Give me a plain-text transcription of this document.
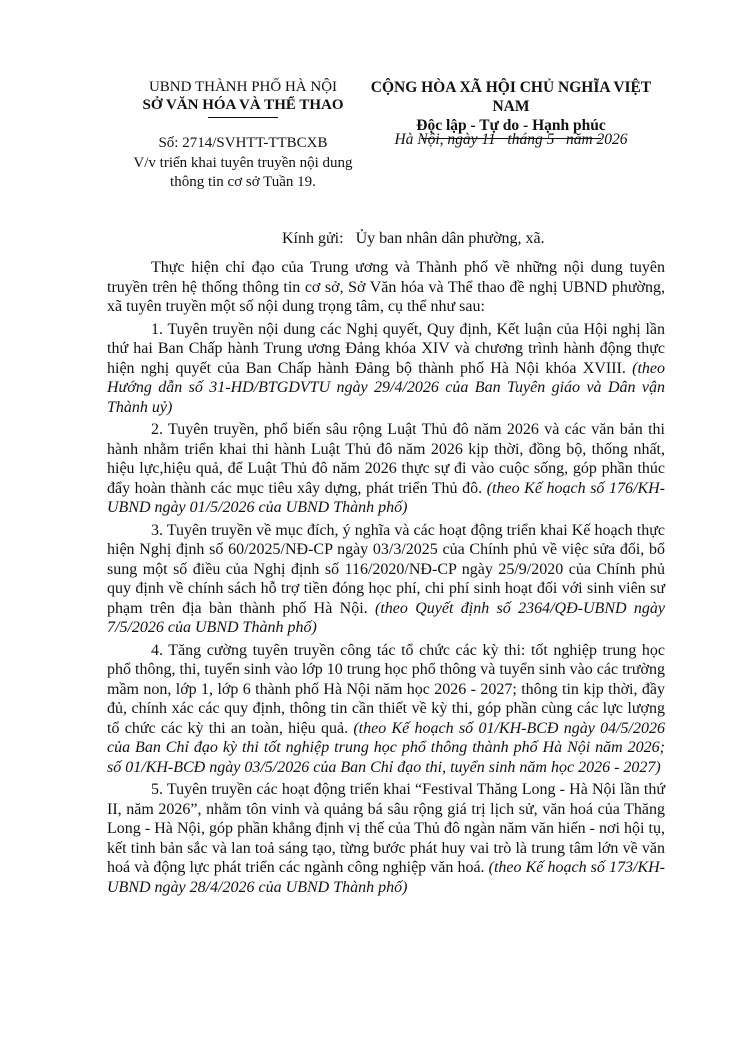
UBND THÀNH PHỐ HÀ NỘI
SỞ VĂN HÓA VÀ THỂ THAO
Số: 2714/SVHTT-TTBCXB
V/v triển khai tuyên truyền nội dung
thông tin cơ sở Tuần 19.
CỘNG HÒA XÃ HỘI CHỦ NGHĨA VIỆT NAM
Độc lập - Tự do - Hạnh phúc
Hà Nội, ngày 11   tháng 5   năm 2026
Kính gửi:   Ủy ban nhân dân phường, xã.

Thực hiện chỉ đạo của Trung ương và Thành phố về những nội dung tuyên truyền trên hệ thống thông tin cơ sở, Sở Văn hóa và Thể thao đề nghị UBND phường, xã tuyên truyền một số nội dung trọng tâm, cụ thể như sau:

1. Tuyên truyền nội dung các Nghị quyết, Quy định, Kết luận của Hội nghị lần thứ hai Ban Chấp hành Trung ương Đảng khóa XIV và chương trình hành động thực hiện nghị quyết của Ban Chấp hành Đảng bộ thành phố Hà Nội khóa XVIII. (theo Hướng dẫn số 31-HD/BTGDVTU ngày 29/4/2026 của Ban Tuyên giáo và Dân vận Thành uỷ)

2. Tuyên truyền, phổ biến sâu rộng Luật Thủ đô năm 2026 và các văn bản thi hành nhằm triển khai thi hành Luật Thủ đô năm 2026 kịp thời, đồng bộ, thống nhất, hiệu lực,hiệu quả, để Luật Thủ đô năm 2026 thực sự đi vào cuộc sống, góp phần thúc đẩy hoàn thành các mục tiêu xây dựng, phát triển Thủ đô. (theo Kế hoạch số 176/KH-UBND ngày 01/5/2026 của UBND Thành phố)

3. Tuyên truyền về mục đích, ý nghĩa và các hoạt động triển khai Kế hoạch thực hiện Nghị định số 60/2025/NĐ-CP ngày 03/3/2025 của Chính phủ về việc sửa đổi, bổ sung một số điều của Nghị định số 116/2020/NĐ-CP ngày 25/9/2020 của Chính phủ quy định về chính sách hỗ trợ tiền đóng học phí, chi phí sinh hoạt đối với sinh viên sư phạm trên địa bàn thành phố Hà Nội. (theo Quyết định số 2364/QĐ-UBND ngày 7/5/2026 của UBND Thành phố)

4. Tăng cường tuyên truyền công tác tổ chức các kỳ thi: tốt nghiệp trung học phổ thông, thi, tuyển sinh vào lớp 10 trung học phổ thông và tuyển sinh vào các trường mầm non, lớp 1, lớp 6 thành phố Hà Nội năm học 2026 - 2027; thông tin kịp thời, đầy đủ, chính xác các quy định, thông tin cần thiết về kỳ thi, góp phần cùng các lực lượng tổ chức các kỳ thi an toàn, hiệu quả. (theo Kế hoạch số 01/KH-BCĐ ngày 04/5/2026 của Ban Chỉ đạo kỳ thi tốt nghiệp trung học phổ thông thành phố Hà Nội năm 2026; số 01/KH-BCĐ ngày 03/5/2026 của Ban Chỉ đạo thi, tuyển sinh năm học 2026 - 2027)

5. Tuyên truyền các hoạt động triển khai “Festival Thăng Long - Hà Nội lần thứ II, năm 2026”, nhằm tôn vinh và quảng bá sâu rộng giá trị lịch sử, văn hoá của Thăng Long - Hà Nội, góp phần khẳng định vị thế của Thủ đô ngàn năm văn hiến - nơi hội tụ, kết tinh bản sắc và lan toả sáng tạo, từng bước phát huy vai trò là trung tâm lớn về văn hoá và động lực phát triển các ngành công nghiệp văn hoá. (theo Kế hoạch số 173/KH-UBND ngày 28/4/2026 của UBND Thành phố)
